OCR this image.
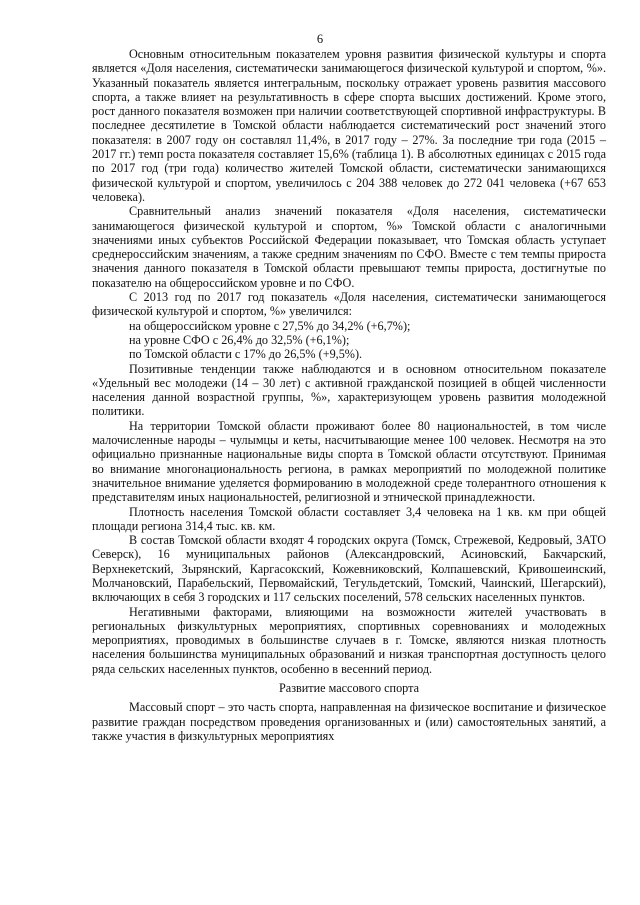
6

Основным относительным показателем уровня развития физической культуры и спорта является «Доля населения, систематически занимающегося физической культурой и спортом, %». Указанный показатель является интегральным, поскольку отражает уровень развития массового спорта, а также влияет на результативность в сфере спорта высших достижений. Кроме этого, рост данного показателя возможен при наличии соответствующей спортивной инфраструктуры. В последнее десятилетие в Томской области наблюдается систематический рост значений этого показателя: в 2007 году он составлял 11,4%, в 2017 году – 27%. За последние три года (2015 – 2017 гг.) темп роста показателя составляет 15,6% (таблица 1). В абсолютных единицах с 2015 года по 2017 год (три года) количество жителей Томской области, систематически занимающихся физической культурой и спортом, увеличилось с 204 388 человек до 272 041 человека (+67 653 человека).

Сравнительный анализ значений показателя «Доля населения, систематически занимающегося физической культурой и спортом, %» Томской области с аналогичными значениями иных субъектов Российской Федерации показывает, что Томская область уступает среднероссийским значениям, а также средним значениям по СФО. Вместе с тем темпы прироста значения данного показателя в Томской области превышают темпы прироста, достигнутые по показателю на общероссийском уровне и по СФО.

С 2013 год по 2017 год показатель «Доля населения, систематически занимающегося физической культурой и спортом, %» увеличился:

на общероссийском уровне с 27,5% до 34,2% (+6,7%);

на уровне СФО с 26,4% до 32,5% (+6,1%);

по Томской области с 17% до 26,5% (+9,5%).

Позитивные тенденции также наблюдаются и в основном относительном показателе «Удельный вес молодежи (14 – 30 лет) с активной гражданской позицией в общей численности населения данной возрастной группы, %», характеризующем уровень развития молодежной политики.

На территории Томской области проживают более 80 национальностей, в том числе малочисленные народы – чулымцы и кеты, насчитывающие менее 100 человек. Несмотря на это официально признанные национальные виды спорта в Томской области отсутствуют. Принимая во внимание многонациональность региона, в рамках мероприятий по молодежной политике значительное внимание уделяется формированию в молодежной среде толерантного отношения к представителям иных национальностей, религиозной и этнической принадлежности.

Плотность населения Томской области составляет 3,4 человека на 1 кв. км при общей площади региона 314,4 тыс. кв. км.

В состав Томской области входят 4 городских округа (Томск, Стрежевой, Кедровый, ЗАТО Северск), 16 муниципальных районов (Александровский, Асиновский, Бакчарский, Верхнекетский, Зырянский, Каргасокский, Кожевниковский, Колпашевский, Кривошеинский, Молчановский, Парабельский, Первомайский, Тегульдетский, Томский, Чаинский, Шегарский), включающих в себя 3 городских и 117 сельских поселений, 578 сельских населенных пунктов.

Негативными факторами, влияющими на возможности жителей участвовать в региональных физкультурных мероприятиях, спортивных соревнованиях и молодежных мероприятиях, проводимых в большинстве случаев в г. Томске, являются низкая плотность населения большинства муниципальных образований и низкая транспортная доступность целого ряда сельских населенных пунктов, особенно в весенний период.

Развитие массового спорта

Массовый спорт – это часть спорта, направленная на физическое воспитание и физическое развитие граждан посредством проведения организованных и (или) самостоятельных занятий, а также участия в физкультурных мероприятиях
